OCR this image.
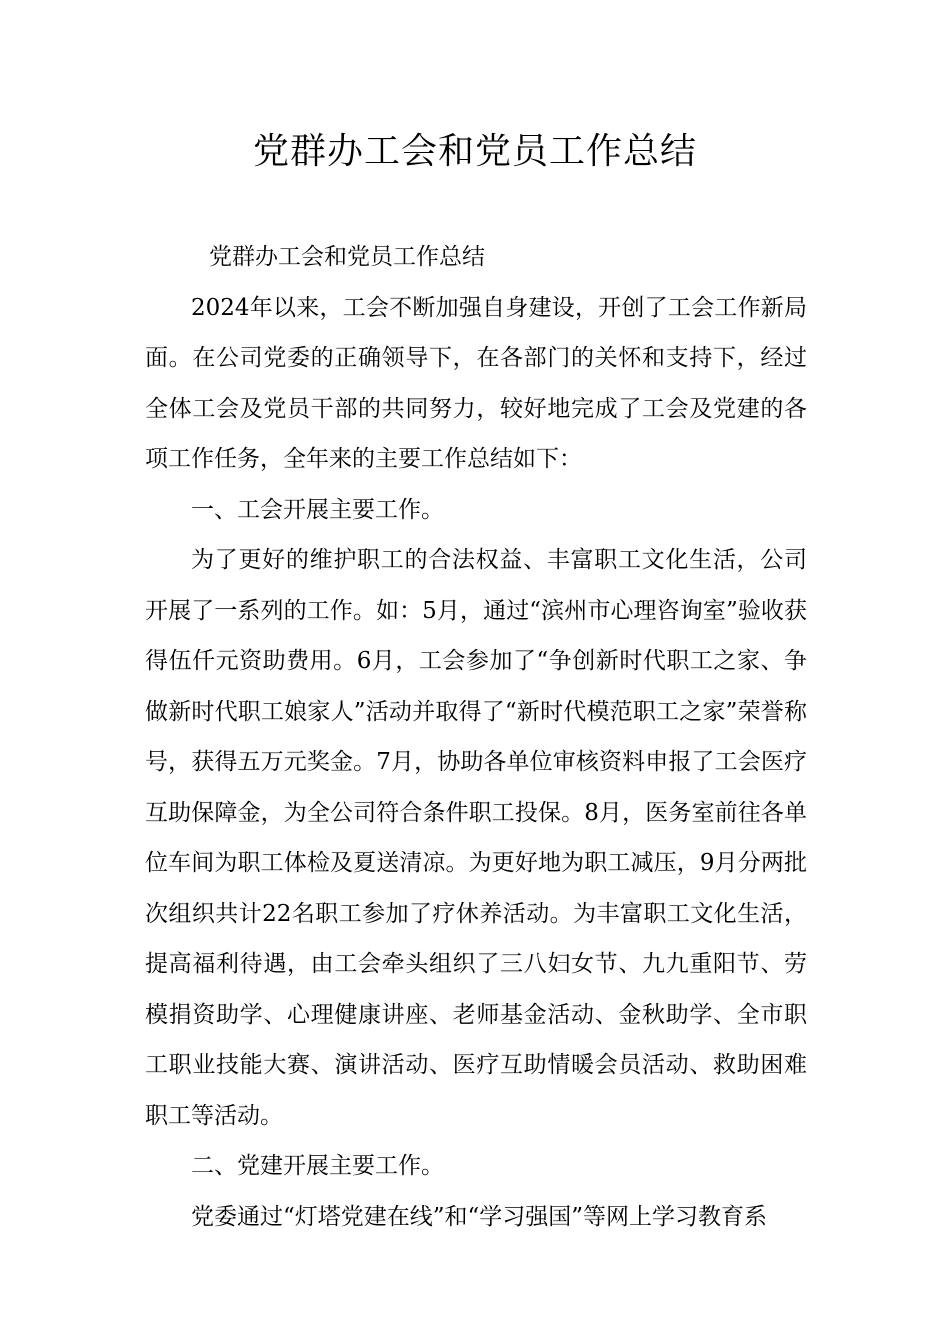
党群办工会和党员工作总结

党群办工会和党员工作总结

2024年以来，工会不断加强自身建设，开创了工会工作新局面。在公司党委的正确领导下，在各部门的关怀和支持下，经过全体工会及党员干部的共同努力，较好地完成了工会及党建的各项工作任务，全年来的主要工作总结如下：

一、工会开展主要工作。

为了更好的维护职工的合法权益、丰富职工文化生活，公司开展了一系列的工作。如：5月，通过“滨州市心理咨询室”验收获得伍仟元资助费用。6月，工会参加了“争创新时代职工之家、争做新时代职工娘家人”活动并取得了“新时代模范职工之家”荣誉称号，获得五万元奖金。7月，协助各单位审核资料申报了工会医疗互助保障金，为全公司符合条件职工投保。8月，医务室前往各单位车间为职工体检及夏送清凉。为更好地为职工减压，9月分两批次组织共计22名职工参加了疗休养活动。为丰富职工文化生活，提高福利待遇，由工会牵头组织了三八妇女节、九九重阳节、劳模捐资助学、心理健康讲座、老师基金活动、金秋助学、全市职工职业技能大赛、演讲活动、医疗互助情暖会员活动、救助困难职工等活动。

二、党建开展主要工作。

党委通过“灯塔党建在线”和“学习强国”等网上学习教育系
